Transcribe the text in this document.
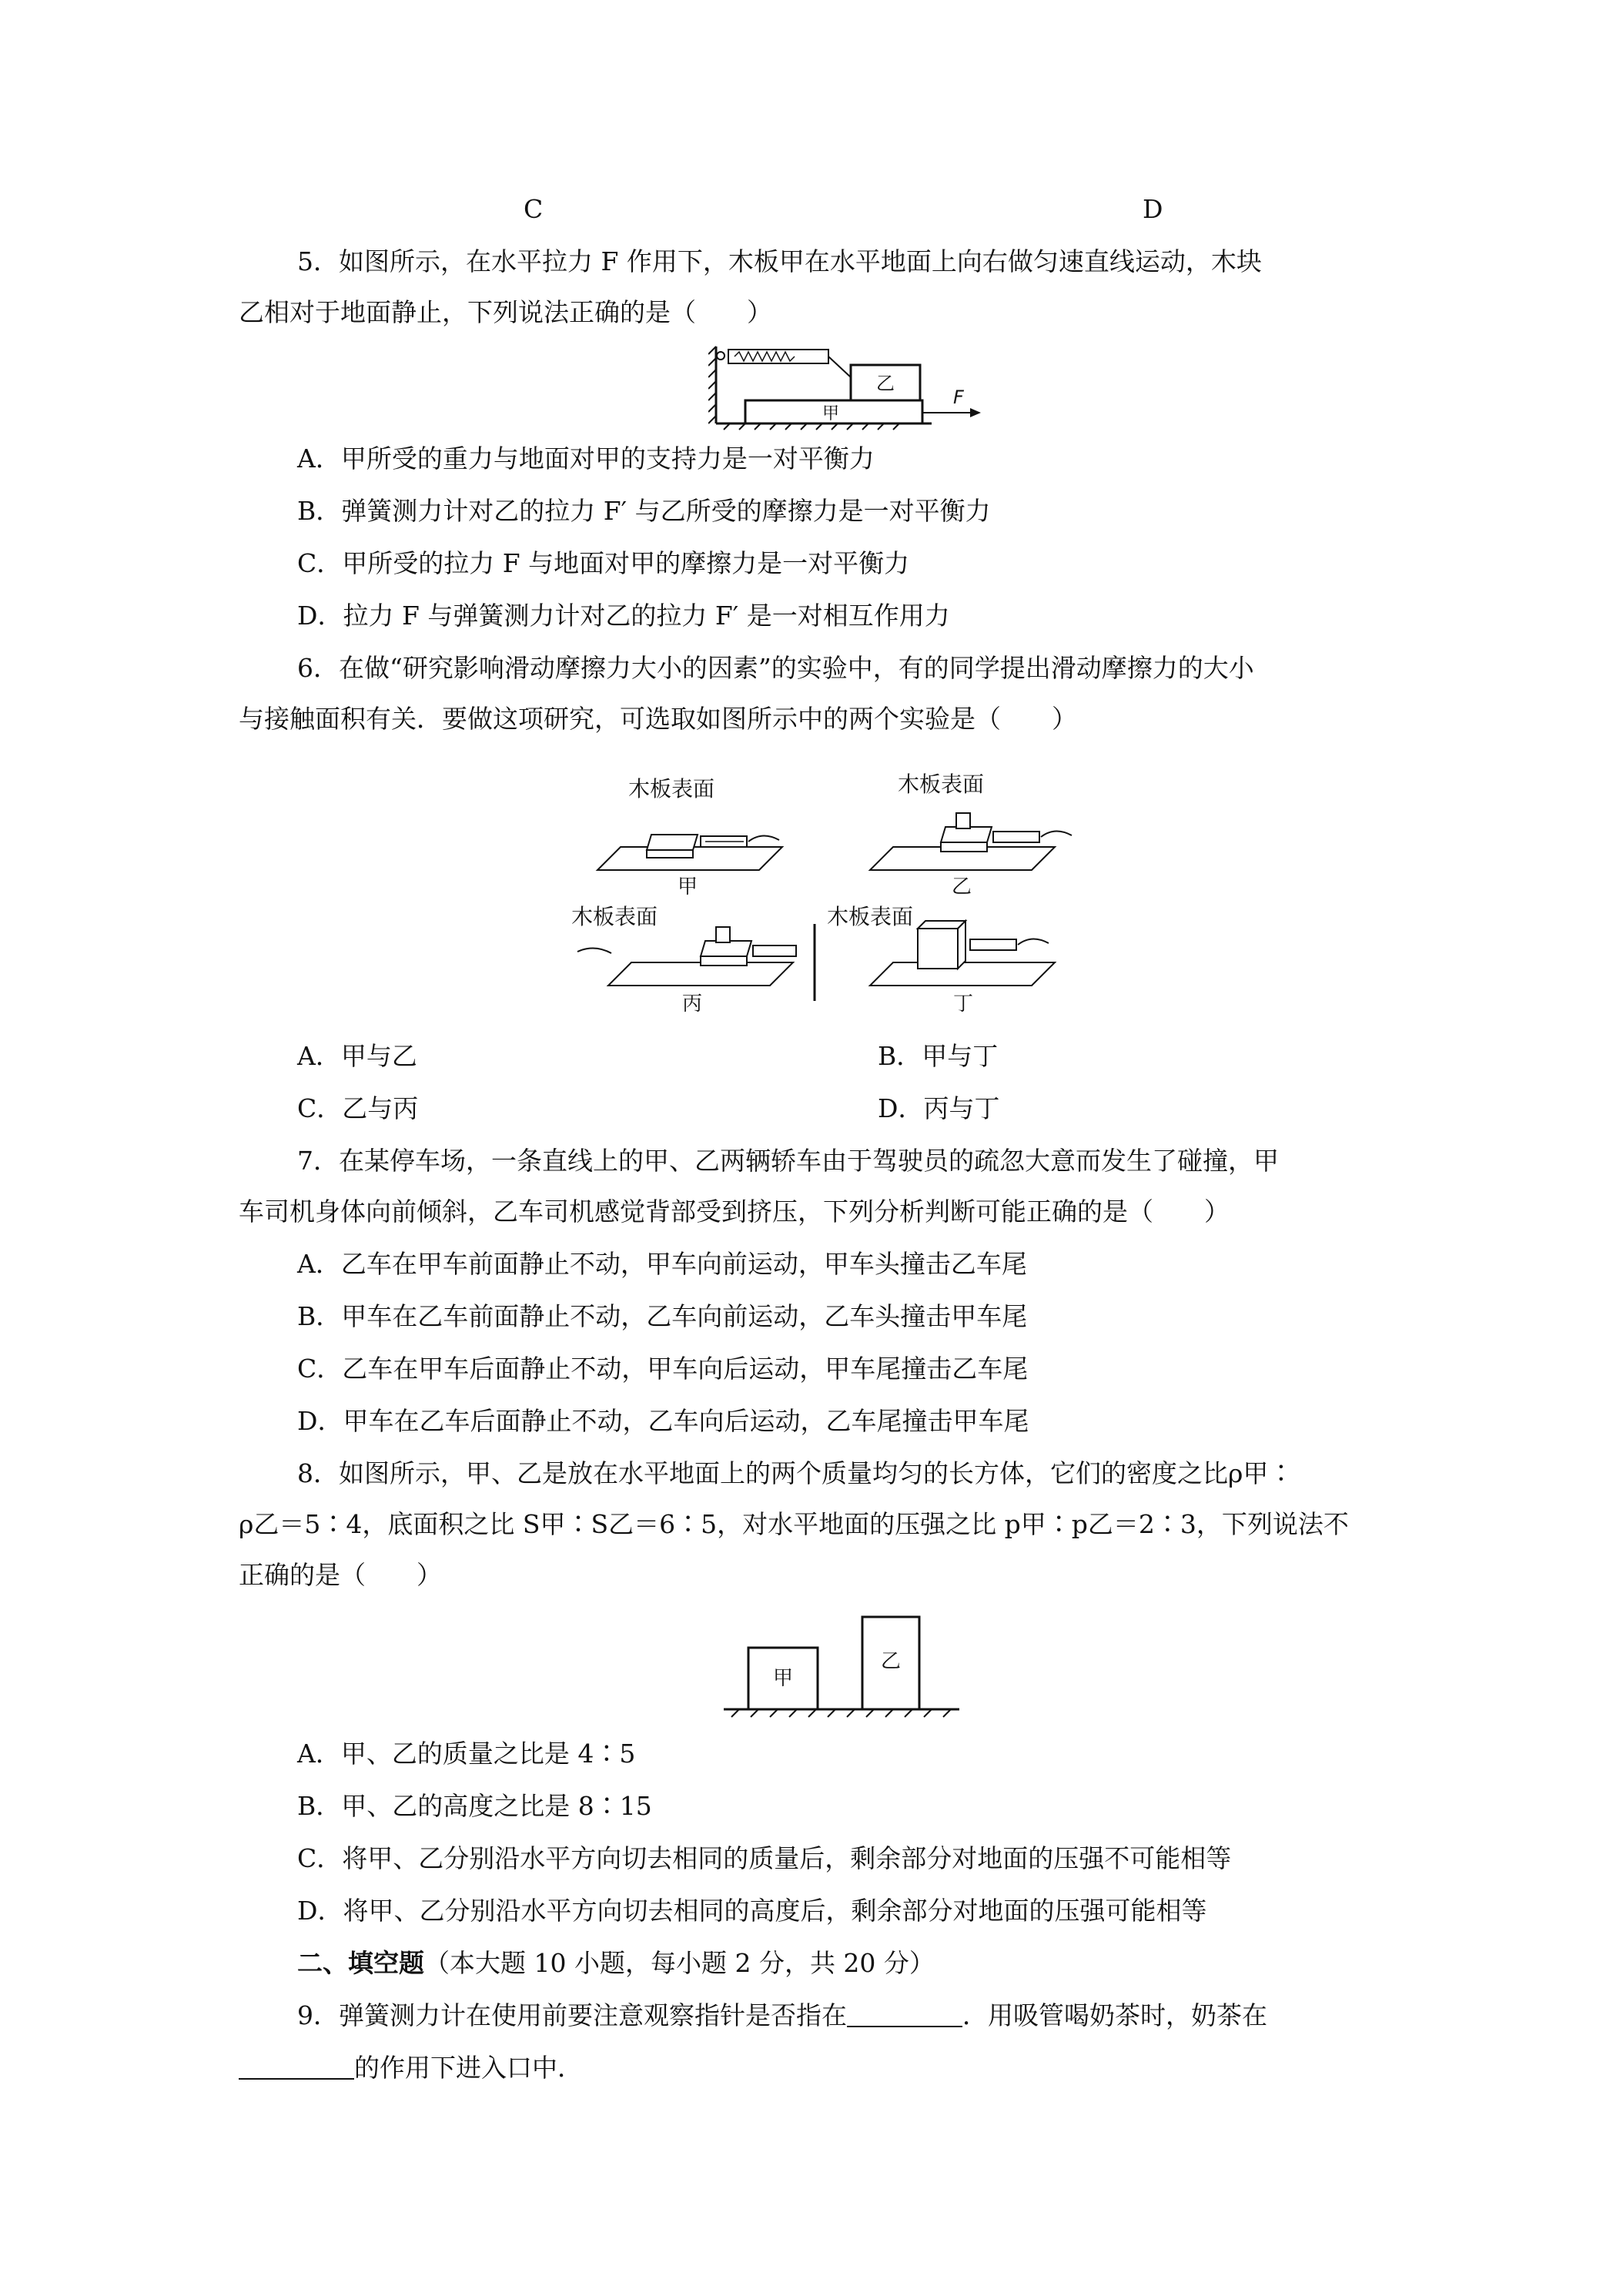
C	D
5．如图所示，在水平拉力 F 作用下，木板甲在水平地面上向右做匀速直线运动，木块
乙相对于地面静止，下列说法正确的是（　　）
甲
乙
F
A．甲所受的重力与地面对甲的支持力是一对平衡力
B．弹簧测力计对乙的拉力 F′ 与乙所受的摩擦力是一对平衡力
C．甲所受的拉力 F 与地面对甲的摩擦力是一对平衡力
D．拉力 F 与弹簧测力计对乙的拉力 F′ 是一对相互作用力
6．在做“研究影响滑动摩擦力大小的因素”的实验中，有的同学提出滑动摩擦力的大小
与接触面积有关．要做这项研究，可选取如图所示中的两个实验是（　　）
木板表面
甲
木板表面
乙
木板表面
丙
木板表面
丁
A．甲与乙	B．甲与丁
C．乙与丙	D．丙与丁
7．在某停车场，一条直线上的甲、乙两辆轿车由于驾驶员的疏忽大意而发生了碰撞，甲
车司机身体向前倾斜，乙车司机感觉背部受到挤压，下列分析判断可能正确的是（　　）
A．乙车在甲车前面静止不动，甲车向前运动，甲车头撞击乙车尾
B．甲车在乙车前面静止不动，乙车向前运动，乙车头撞击甲车尾
C．乙车在甲车后面静止不动，甲车向后运动，甲车尾撞击乙车尾
D．甲车在乙车后面静止不动，乙车向后运动，乙车尾撞击甲车尾
8．如图所示，甲、乙是放在水平地面上的两个质量均匀的长方体，它们的密度之比ρ甲∶
ρ乙＝5∶4，底面积之比 S甲∶S乙＝6∶5，对水平地面的压强之比 p甲∶p乙＝2∶3，下列说法不
正确的是（　　）
甲
乙
A．甲、乙的质量之比是 4∶5
B．甲、乙的高度之比是 8∶15
C．将甲、乙分别沿水平方向切去相同的质量后，剩余部分对地面的压强不可能相等
D．将甲、乙分别沿水平方向切去相同的高度后，剩余部分对地面的压强可能相等
二、填空题（本大题 10 小题，每小题 2 分，共 20 分）
9．弹簧测力计在使用前要注意观察指针是否指在	．用吸管喝奶茶时，奶茶在
的作用下进入口中．
